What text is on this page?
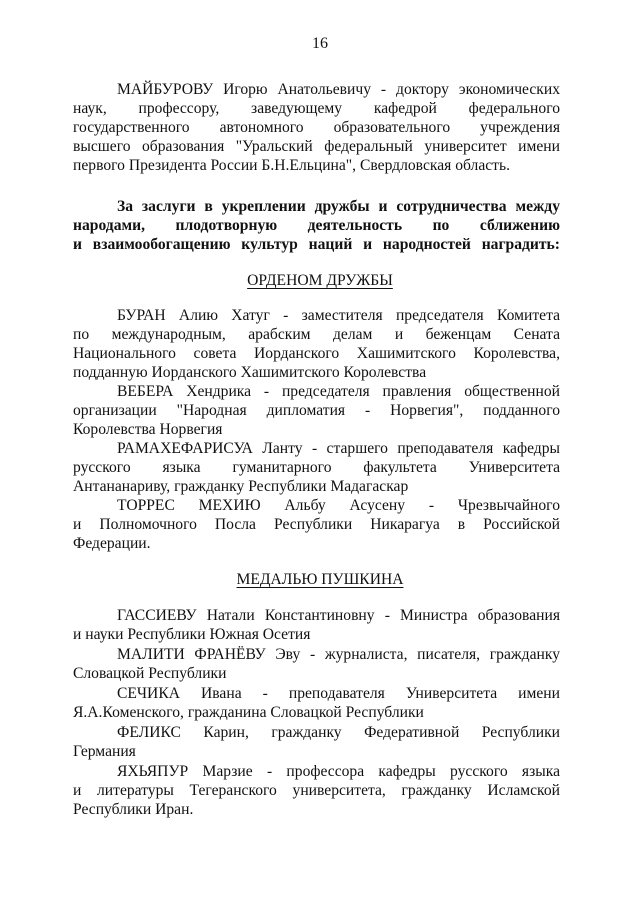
16
МАЙБУРОВУ Игорю Анатольевичу - доктору экономических
наук, профессору, заведующему кафедрой федерального
государственного автономного образовательного учреждения
высшего образования "Уральский федеральный университет имени
первого Президента России Б.Н.Ельцина", Свердловская область.
За заслуги в укреплении дружбы и сотрудничества между
народами, плодотворную деятельность по сближению
и взаимообогащению культур наций и народностей наградить:
ОРДЕНОМ ДРУЖБЫ
БУРАН Алию Хатуг - заместителя председателя Комитета
по международным, арабским делам и беженцам Сената
Национального совета Иорданского Хашимитского Королевства,
подданную Иорданского Хашимитского Королевства
ВЕБЕРА Хендрика - председателя правления общественной
организации "Народная дипломатия - Норвегия", подданного
Королевства Норвегия
РАМАХЕФАРИСУА Ланту - старшего преподавателя кафедры
русского языка гуманитарного факультета Университета
Антананариву, гражданку Республики Мадагаскар
ТОРРЕС МЕХИЮ Альбу Асусену - Чрезвычайного
и Полномочного Посла Республики Никарагуа в Российской
Федерации.
МЕДАЛЬЮ ПУШКИНА
ГАССИЕВУ Натали Константиновну - Министра образования
и науки Республики Южная Осетия
МАЛИТИ ФРАНЁВУ Эву - журналиста, писателя, гражданку
Словацкой Республики
СЕЧИКА Ивана - преподавателя Университета имени
Я.А.Коменского, гражданина Словацкой Республики
ФЕЛИКС Карин, гражданку Федеративной Республики
Германия
ЯХЬЯПУР Марзие - профессора кафедры русского языка
и литературы Тегеранского университета, гражданку Исламской
Республики Иран.
